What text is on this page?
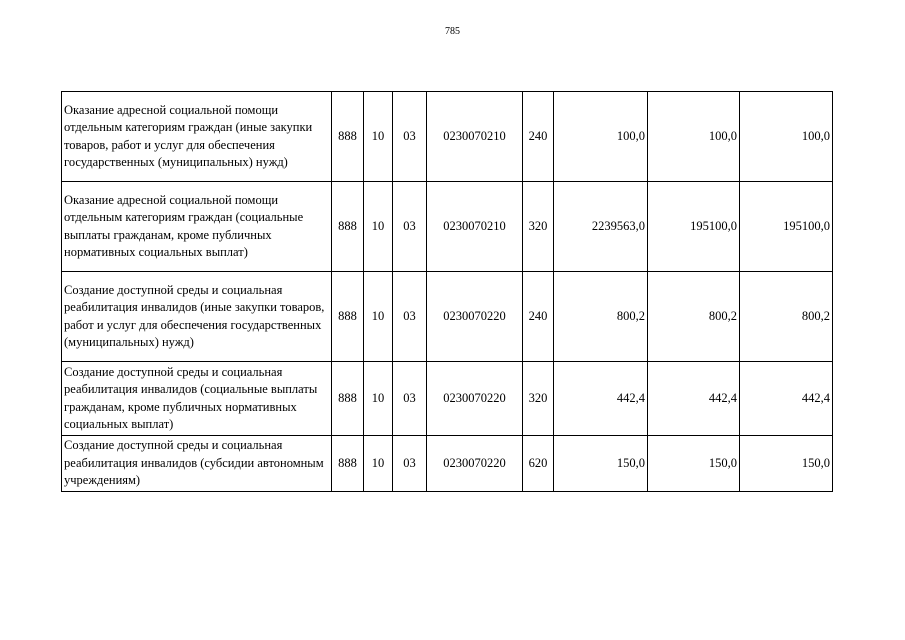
785
Оказание адресной социальной помощи отдельным категориям граждан (иные закупки товаров, работ и услуг для обеспечения государственных (муниципальных) нужд)	888	10	03	0230070210	240	100,0	100,0	100,0
Оказание адресной социальной помощи отдельным категориям граждан (социальные выплаты гражданам, кроме публичных нормативных социальных выплат)	888	10	03	0230070210	320	2239563,0	195100,0	195100,0
Создание доступной среды и социальная реабилитация инвалидов (иные закупки товаров, работ и услуг для обеспечения государственных (муниципальных) нужд)	888	10	03	0230070220	240	800,2	800,2	800,2
Создание доступной среды и социальная реабилитация инвалидов (социальные выплаты гражданам, кроме публичных нормативных социальных выплат)	888	10	03	0230070220	320	442,4	442,4	442,4
Создание доступной среды и социальная реабилитация инвалидов (субсидии автономным учреждениям)	888	10	03	0230070220	620	150,0	150,0	150,0
